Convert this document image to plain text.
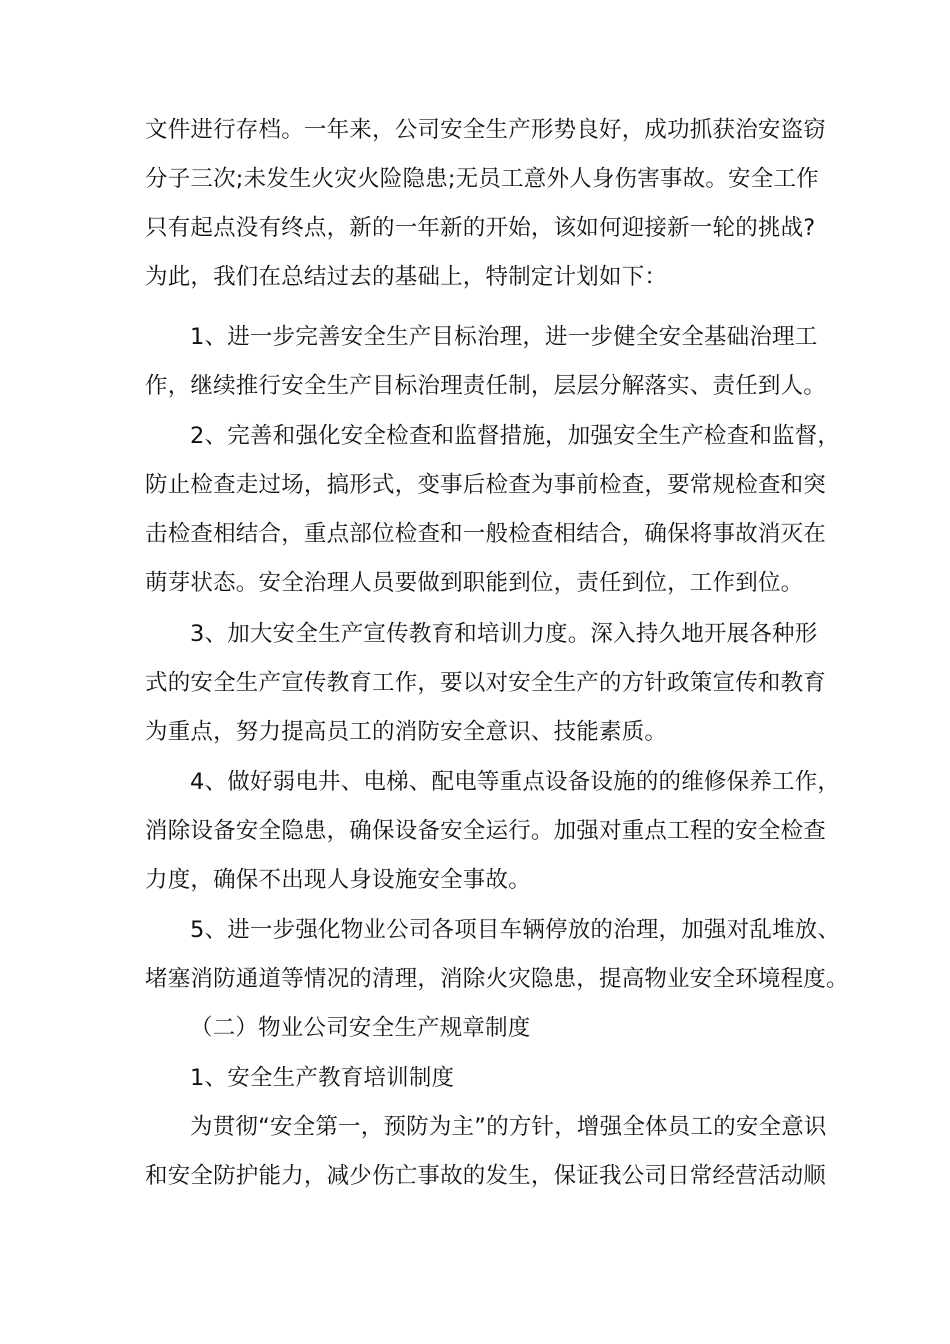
文件进行存档。一年来，公司安全生产形势良好，成功抓获治安盗窃
分子三次;未发生火灾火险隐患;无员工意外人身伤害事故。安全工作
只有起点没有终点，新的一年新的开始，该如何迎接新一轮的挑战?
为此，我们在总结过去的基础上，特制定计划如下：
1、进一步完善安全生产目标治理，进一步健全安全基础治理工
作，继续推行安全生产目标治理责任制，层层分解落实、责任到人。
2、完善和强化安全检查和监督措施，加强安全生产检查和监督，
防止检查走过场，搞形式，变事后检查为事前检查，要常规检查和突
击检查相结合，重点部位检查和一般检查相结合，确保将事故消灭在
萌芽状态。安全治理人员要做到职能到位，责任到位，工作到位。
3、加大安全生产宣传教育和培训力度。深入持久地开展各种形
式的安全生产宣传教育工作，要以对安全生产的方针政策宣传和教育
为重点，努力提高员工的消防安全意识、技能素质。
4、做好弱电井、电梯、配电等重点设备设施的的维修保养工作，
消除设备安全隐患，确保设备安全运行。加强对重点工程的安全检查
力度，确保不出现人身设施安全事故。
5、进一步强化物业公司各项目车辆停放的治理，加强对乱堆放、
堵塞消防通道等情况的清理，消除火灾隐患，提高物业安全环境程度。
（二）物业公司安全生产规章制度
1、安全生产教育培训制度
为贯彻“安全第一，预防为主”的方针，增强全体员工的安全意识
和安全防护能力，减少伤亡事故的发生，保证我公司日常经营活动顺
